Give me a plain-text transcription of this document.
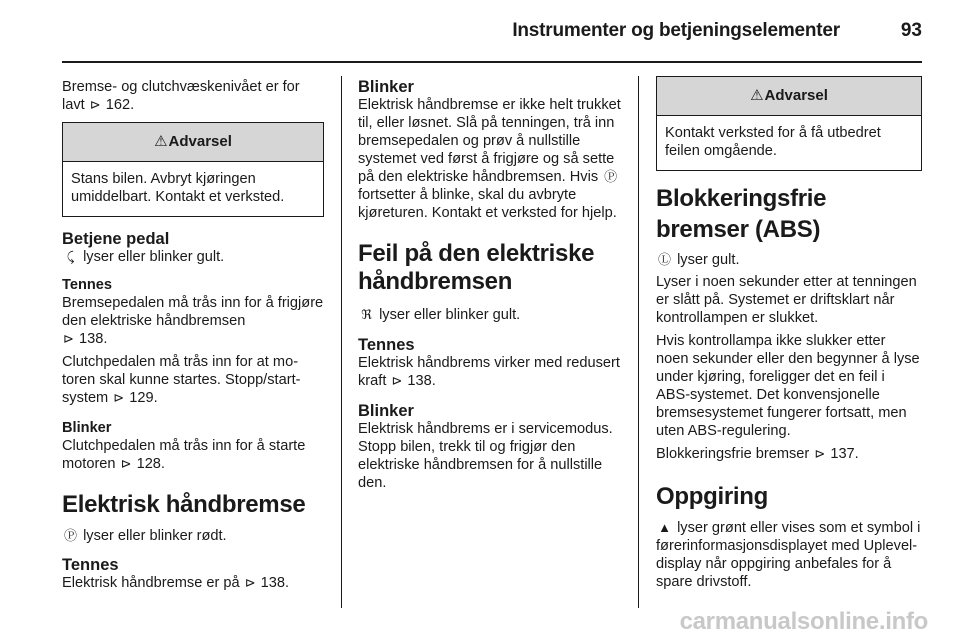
Instrumenter og betjeningselementer	93

Bremse- og clutchvæskenivået er for lavt ⊳ 162.

⚠Advarsel
Stans bilen. Avbryt kjøringen umiddelbart. Kontakt et verksted.

Betjene pedal

⤹ lyser eller blinker gult.

Tennes

Bremsepedalen må trås inn for å frigjøre den elektriske håndbremsen
⊳ 138.

Clutchpedalen må trås inn for at motoren skal kunne startes. Stopp/start-system ⊳ 129.

Blinker

Clutchpedalen må trås inn for å starte motoren ⊳ 128.

Elektrisk håndbremse

Ⓟ lyser eller blinker rødt.

Tennes

Elektrisk håndbremse er på ⊳ 138.

Blinker

Elektrisk håndbremse er ikke helt trukket til, eller løsnet. Slå på tenningen, trå inn bremsepedalen og prøv å nullstille systemet ved først å frigjøre og så sette på den elektriske håndbremsen. Hvis Ⓟ fortsetter å blinke, skal du avbryte kjøreturen. Kontakt et verksted for hjelp.

Feil på den elektriske håndbremsen

ℜ lyser eller blinker gult.

Tennes

Elektrisk håndbrems virker med redusert kraft ⊳ 138.

Blinker

Elektrisk håndbrems er i servicemodus. Stopp bilen, trekk til og frigjør den elektriske håndbremsen for å nullstille den.

⚠Advarsel
Kontakt verksted for å få utbedret feilen omgående.

Blokkeringsfrie bremser (ABS)

Ⓛ lyser gult.

Lyser i noen sekunder etter at tenningen er slått på. Systemet er driftsklart når kontrollampen er slukket.

Hvis kontrollampa ikke slukker etter noen sekunder eller den begynner å lyse under kjøring, foreligger det en feil i ABS-systemet. Det konvensjonelle bremsesystemet fungerer fortsatt, men uten ABS-regulering.

Blokkeringsfrie bremser ⊳ 137.

Oppgiring

▲ lyser grønt eller vises som et symbol i førerinformasjonsdisplayet med Uplevel-display når oppgiring anbefales for å spare drivstoff.

carmanualsonline.info
